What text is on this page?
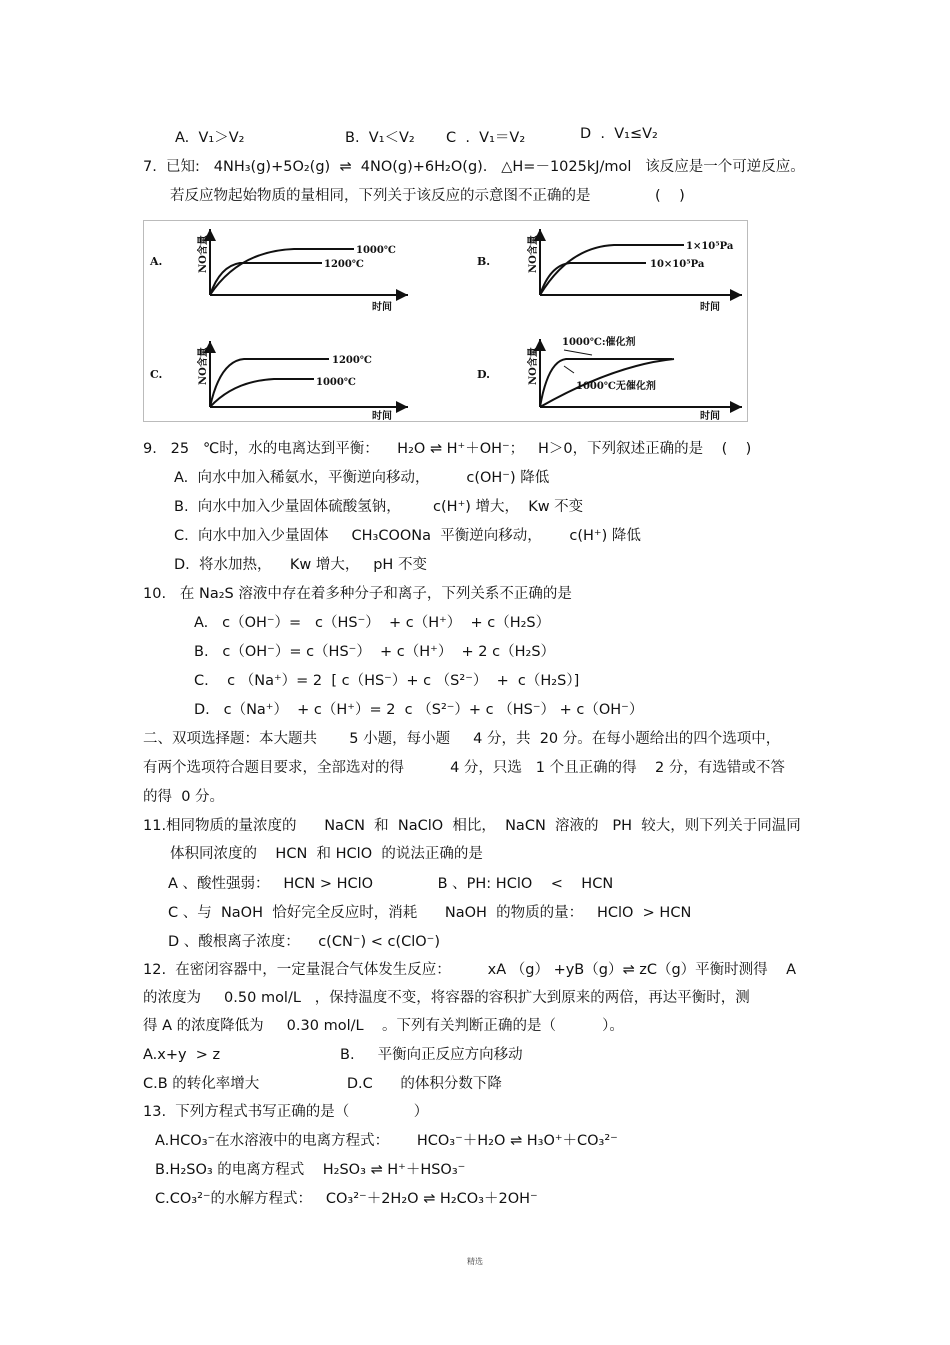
A.  V₁＞V₂	B.  V₁＜V₂ C  .  V₁＝V₂	D  .  V₁≤V₂
7.  已知:   4NH₃(g)+5O₂(g)  ⇌  4NO(g)+6H₂O(g).   △H=－1025kJ/mol   该反应是一个可逆反应。
若反应物起始物质的量相同，下列关于该反应的示意图不正确的是              (    )
A.	B.
C.	D.
NO含量	NO含量
NO含量	NO含量
时间	时间
时间	时间
1000℃
1200℃
1×10⁵Pa
10×10⁵Pa
1200℃
1000℃
1000℃:催化剂
1000℃无催化剂
9.   25   ℃时，水的电离达到平衡：    H₂O ⇌ H⁺＋OH⁻；   H＞0，下列叙述正确的是    (    )
A.  向水中加入稀氨水，平衡逆向移动，        c(OH⁻) 降低
B.  向水中加入少量固体硫酸氢钠，       c(H⁺) 增大，  Kw 不变
C.  向水中加入少量固体     CH₃COONa  平衡逆向移动，      c(H⁺) 降低
D.  将水加热，    Kw 增大，   pH 不变
10.   在 Na₂S 溶液中存在着多种分子和离子，下列关系不正确的是
A.   c（OH⁻）=   c（HS⁻）  + c（H⁺）  + c（H₂S）
B.   c（OH⁻）= c（HS⁻）  + c（H⁺）  + 2 c（H₂S）
C.    c （Na⁺）= 2  [ c（HS⁻）+ c （S²⁻）  +  c（H₂S）]
D.   c（Na⁺）  + c（H⁺）= 2  c （S²⁻）+ c （HS⁻） + c（OH⁻）
二、双项选择题：本大题共       5 小题，每小题     4 分，共  20 分。在每小题给出的四个选项中，
有两个选项符合题目要求，全部选对的得          4 分，只选   1 个且正确的得    2 分，有选错或不答
的得  0 分。
11.相同物质的量浓度的      NaCN  和  NaClO  相比，  NaCN  溶液的   PH  较大，则下列关于同温同
体积同浓度的    HCN  和 HClO  的说法正确的是
A 、酸性强弱：   HCN > HClO              B 、PH: HClO    <    HCN
C 、与  NaOH  恰好完全反应时，消耗      NaOH  的物质的量：   HClO  > HCN
D 、酸根离子浓度：    c(CN⁻) < c(ClO⁻)
12.  在密闭容器中，一定量混合气体发生反应：        xA （g） +yB（g）⇌ zC（g）平衡时测得    A
的浓度为     0.50 mol/L   ，保持温度不变，将容器的容积扩大到原来的两倍，再达平衡时，测
得 A 的浓度降低为     0.30 mol/L    。下列有关判断正确的是（          ）。
A.x+y  > z                          B.     平衡向正反应方向移动
C.B 的转化率增大                   D.C      的体积分数下降
13.  下列方程式书写正确的是（              ）
A.HCO₃⁻在水溶液中的电离方程式：      HCO₃⁻＋H₂O ⇌ H₃O⁺＋CO₃²⁻
B.H₂SO₃ 的电离方程式    H₂SO₃ ⇌ H⁺＋HSO₃⁻
C.CO₃²⁻的水解方程式：   CO₃²⁻＋2H₂O ⇌ H₂CO₃＋2OH⁻
精选
